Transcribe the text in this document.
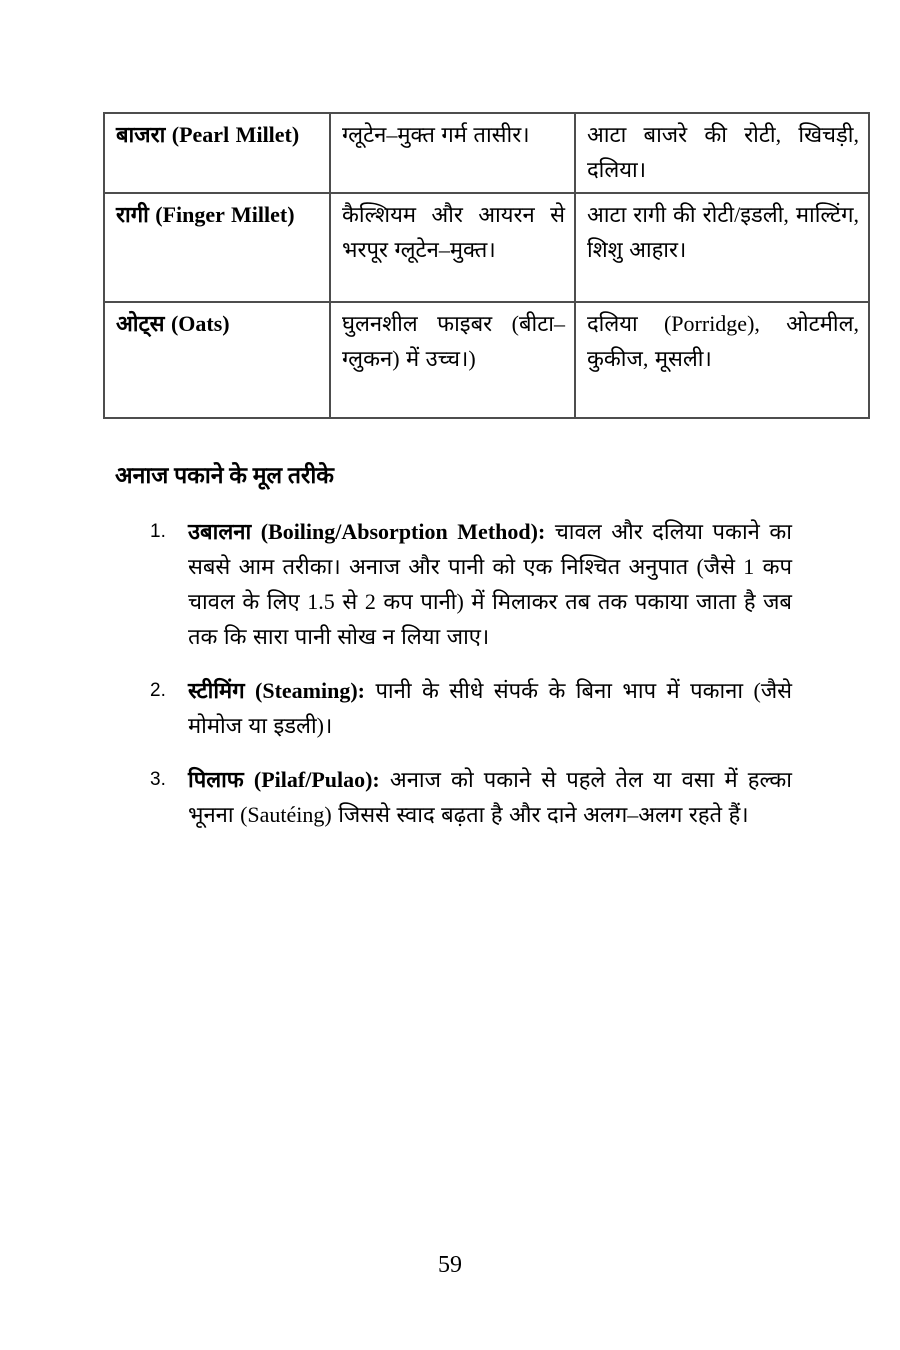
बाजरा (Pearl Millet)	ग्लूटेन–मुक्त गर्म तासीर।	आटा बाजरे की रोटी, खिचड़ी, दलिया।
रागी (Finger Millet)	कैल्शियम और आयरन से भरपूर ग्लूटेन–मुक्त।	आटा रागी की रोटी/इडली, माल्टिंग, शिशु आहार।
ओट्स (Oats)	घुलनशील फाइबर (बीटा–ग्लुकन) में उच्च।)	दलिया (Porridge), ओटमील, कुकीज, मूसली।
अनाज पकाने के मूल तरीके
1.	उबालना (Boiling/Absorption Method): चावल और दलिया पकाने का सबसे आम तरीका। अनाज और पानी को एक निश्चित अनुपात (जैसे 1 कप चावल के लिए 1.5 से 2 कप पानी) में मिलाकर तब तक पकाया जाता है जब तक कि सारा पानी सोख न लिया जाए।
2.	स्टीमिंग (Steaming): पानी के सीधे संपर्क के बिना भाप में पकाना (जैसे मोमोज या इडली)।
3.	पिलाफ (Pilaf/Pulao): अनाज को पकाने से पहले तेल या वसा में हल्का भूनना (Sautéing) जिससे स्वाद बढ़ता है और दाने अलग–अलग रहते हैं।
59
